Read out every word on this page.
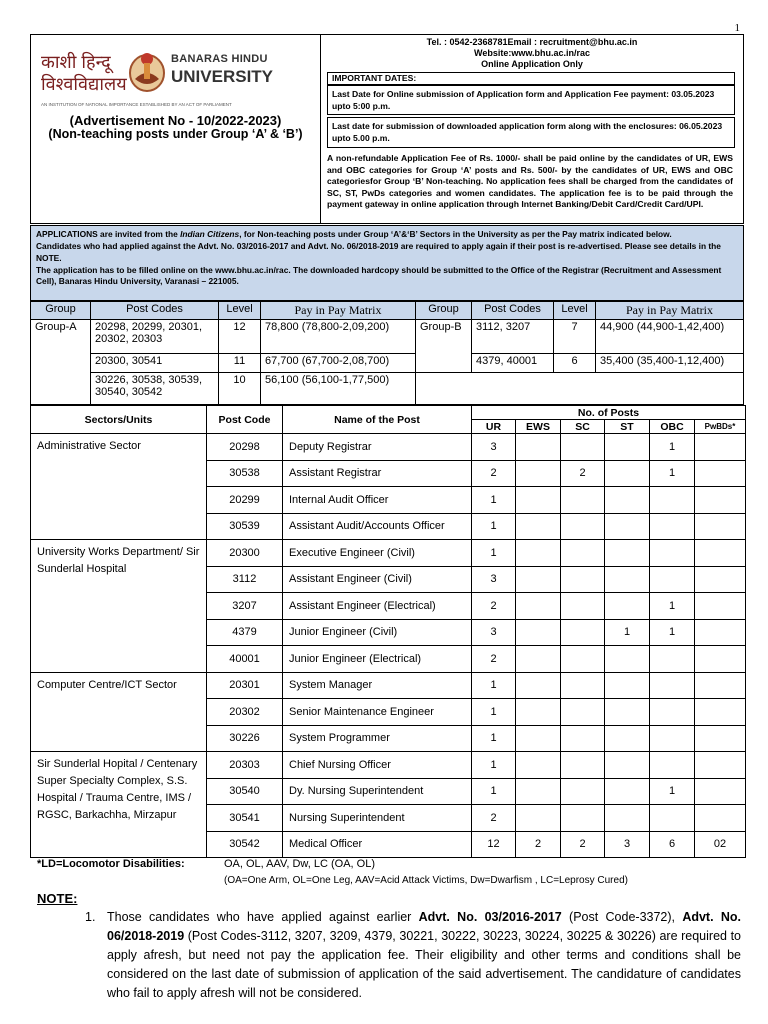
1
काशी हिन्दू विश्वविद्यालय
BANARAS HINDU
UNIVERSITY
AN INSTITUTION OF NATIONAL IMPORTANCE ESTABLISHED BY AN ACT OF PARLIAMENT
(Advertisement No - 10/2022-2023)
(Non-teaching posts under Group ‘A’ & ‘B’)
Tel. : 0542-2368781Email : recruitment@bhu.ac.in
Website:www.bhu.ac.in/rac
Online Application Only
IMPORTANT DATES:
Last Date for Online submission of Application form and Application Fee payment: 03.05.2023 upto 5:00 p.m.
Last date for submission of downloaded application form along with the enclosures: 06.05.2023 upto 5.00 p.m.
A non-refundable Application Fee of Rs. 1000/- shall be paid online by the candidates of UR, EWS and OBC categories for Group ‘A’ posts and Rs. 500/- by the candidates of UR, EWS and OBC categoriesfor Group ‘B’ Non-teaching. No application fees shall be charged from the candidates of SC, ST, PwDs categories and women candidates. The application fee is to be paid through the payment gateway in online application through Internet Banking/Debit Card/Credit Card/UPI.

APPLICATIONS are invited from the Indian Citizens, for Non-teaching posts under Group ‘A’&‘B’ Sectors in the University as per the Pay matrix indicated below.

Candidates who had applied against the Advt. No. 03/2016-2017 and Advt. No. 06/2018-2019 are required to apply again if their post is re-advertised. Please see details in the NOTE.

The application has to be filled online on the www.bhu.ac.in/rac. The downloaded hardcopy should be submitted to the Office of the Registrar (Recruitment and Assessment Cell), Banaras Hindu University, Varanasi – 221005.

Group	Post Codes	Level	Pay in Pay Matrix	Group	Post Codes	Level	Pay in Pay Matrix
Group-A	20298, 20299, 20301, 20302, 20303	12	78,800 (78,800-2,09,200)	Group-B	3112, 3207	7	44,900 (44,900-1,42,400)
	20300, 30541	11	67,700 (67,700-2,08,700)		4379, 40001	6	35,400 (35,400-1,12,400)
	30226, 30538, 30539, 30540, 30542	10	56,100 (56,100-1,77,500)				
Sectors/Units	Post Code	Name of the Post	No. of Posts					
			UR	EWS	SC	ST	OBC	PwBDs*
Administrative Sector	20298	Deputy Registrar	3				1	
	30538	Assistant Registrar	2		2		1	
	20299	Internal Audit Officer	1					
	30539	Assistant Audit/Accounts Officer	1					
University Works Department/ Sir Sunderlal Hospital	20300	Executive Engineer (Civil)	1					
	3112	Assistant Engineer (Civil)	3					
	3207	Assistant Engineer (Electrical)	2				1	
	4379	Junior Engineer (Civil)	3			1	1	
	40001	Junior Engineer (Electrical)	2					
Computer Centre/ICT Sector	20301	System Manager	1					
	20302	Senior Maintenance Engineer	1					
	30226	System Programmer	1					
Sir Sunderlal Hopital / Centenary Super Specialty Complex, S.S. Hospital / Trauma Centre, IMS / RGSC, Barkachha, Mirzapur	20303	Chief Nursing Officer	1					
	30540	Dy. Nursing Superintendent	1				1	
	30541	Nursing Superintendent	2					
	30542	Medical Officer	12	2	2	3	6	02
*LD=Locomotor Disabilities:	OA, OL, AAV, Dw, LC (OA, OL)
(OA=One Arm, OL=One Leg, AAV=Acid Attack Victims, Dw=Dwarfism , LC=Leprosy Cured)
NOTE:
1. Those candidates who have applied against earlier Advt. No. 03/2016-2017 (Post Code-3372), Advt. No. 06/2018-2019 (Post Codes-3112, 3207, 3209, 4379, 30221, 30222, 30223, 30224, 30225 & 30226) are required to apply afresh, but need not pay the application fee. Their eligibility and other terms and conditions shall be considered on the last date of submission of application of the said advertisement. The candidature of candidates who fail to apply afresh will not be considered.
